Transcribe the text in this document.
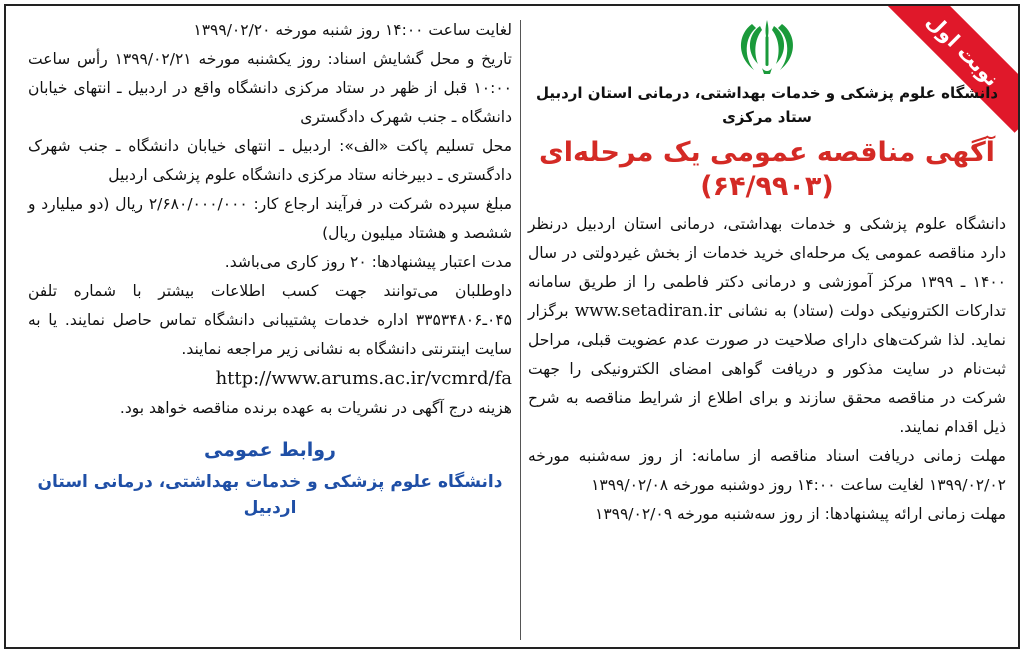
نوبت اول
دانشگاه علوم پزشکی و خدمات بهداشتی، درمانی استان اردبیل
ستاد مرکزی
آگهی مناقصه عمومی یک مرحله‌ای
(۶۴/۹۹۰۳)

دانشگاه علوم پزشکی و خدمات بهداشتی، درمانی استان اردبیل درنظر دارد مناقصه عمومی یک مرحله‌ای خرید خدمات از بخش غیردولتی در سال ۱۴۰۰ ـ ۱۳۹۹ مرکز آموزشی و درمانی دکتر فاطمی را از طریق سامانه تدارکات الکترونیکی دولت (ستاد) به نشانی www.setadiran.ir برگزار نماید. لذا شرکت‌های دارای صلاحیت در صورت عدم عضویت قبلی، مراحل ثبت‌نام در سایت مذکور و دریافت گواهی امضای الکترونیکی را جهت شرکت در مناقصه محقق سازند و برای اطلاع از شرایط مناقصه به شرح ذیل اقدام نمایند.

مهلت زمانی دریافت اسناد مناقصه از سامانه: از روز سه‌شنبه مورخه ۱۳۹۹/۰۲/۰۲ لغایت ساعت ۱۴:۰۰ روز دوشنبه مورخه ۱۳۹۹/۰۲/۰۸

مهلت زمانی ارائه پیشنهادها: از روز سه‌شنبه مورخه ۱۳۹۹/۰۲/۰۹

لغایت ساعت ۱۴:۰۰ روز شنبه مورخه ۱۳۹۹/۰۲/۲۰

تاریخ و محل گشایش اسناد: روز یکشنبه مورخه ۱۳۹۹/۰۲/۲۱ رأس ساعت ۱۰:۰۰ قبل از ظهر در ستاد مرکزی دانشگاه واقع در اردبیل ـ انتهای خیابان دانشگاه ـ جنب شهرک دادگستری

محل تسلیم پاکت «الف»: اردبیل ـ انتهای خیابان دانشگاه ـ جنب شهرک دادگستری ـ دبیرخانه ستاد مرکزی دانشگاه علوم پزشکی اردبیل

مبلغ سپرده شرکت در فرآیند ارجاع کار: ۲/۶۸۰/۰۰۰/۰۰۰ ریال (دو میلیارد و ششصد و هشتاد میلیون ریال)

مدت اعتبار پیشنهادها: ۲۰ روز کاری می‌باشد.

داوطلبان می‌توانند جهت کسب اطلاعات بیشتر با شماره تلفن ۰۴۵ـ۳۳۵۳۴۸۰۶ اداره خدمات پشتیبانی دانشگاه تماس حاصل نمایند. یا به سایت اینترنتی دانشگاه به نشانی زیر مراجعه نمایند.

http://www.arums.ac.ir/vcmrd/fa

هزینه درج آگهی در نشریات به عهده برنده مناقصه خواهد بود.

روابط عمومی
دانشگاه علوم پزشکی و خدمات بهداشتی، درمانی استان اردبیل
